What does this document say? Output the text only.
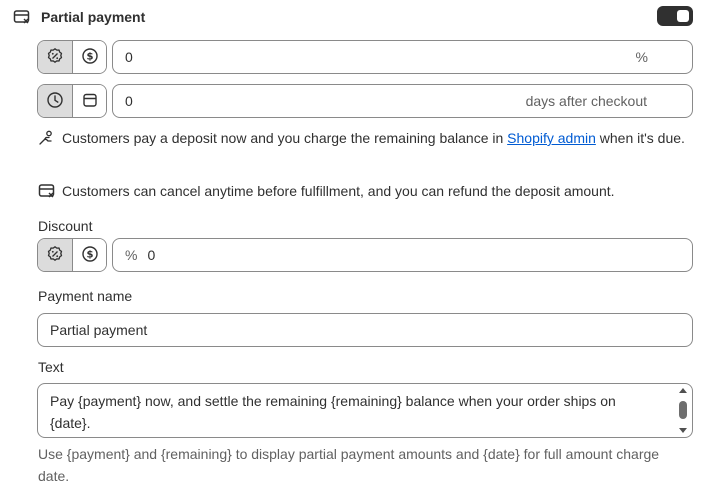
Partial payment
$ 0	%
0	days after checkout
Customers pay a deposit now and you charge the remaining balance in Shopify admin when it's due.
Customers can cancel anytime before fulfillment, and you can refund the deposit amount.
Discount
$ % 0
Payment name
Partial payment
Text
Pay {payment} now, and settle the remaining {remaining} balance when your order ships on {date}.
Use {payment} and {remaining} to display partial payment amounts and {date} for full amount charge date.
